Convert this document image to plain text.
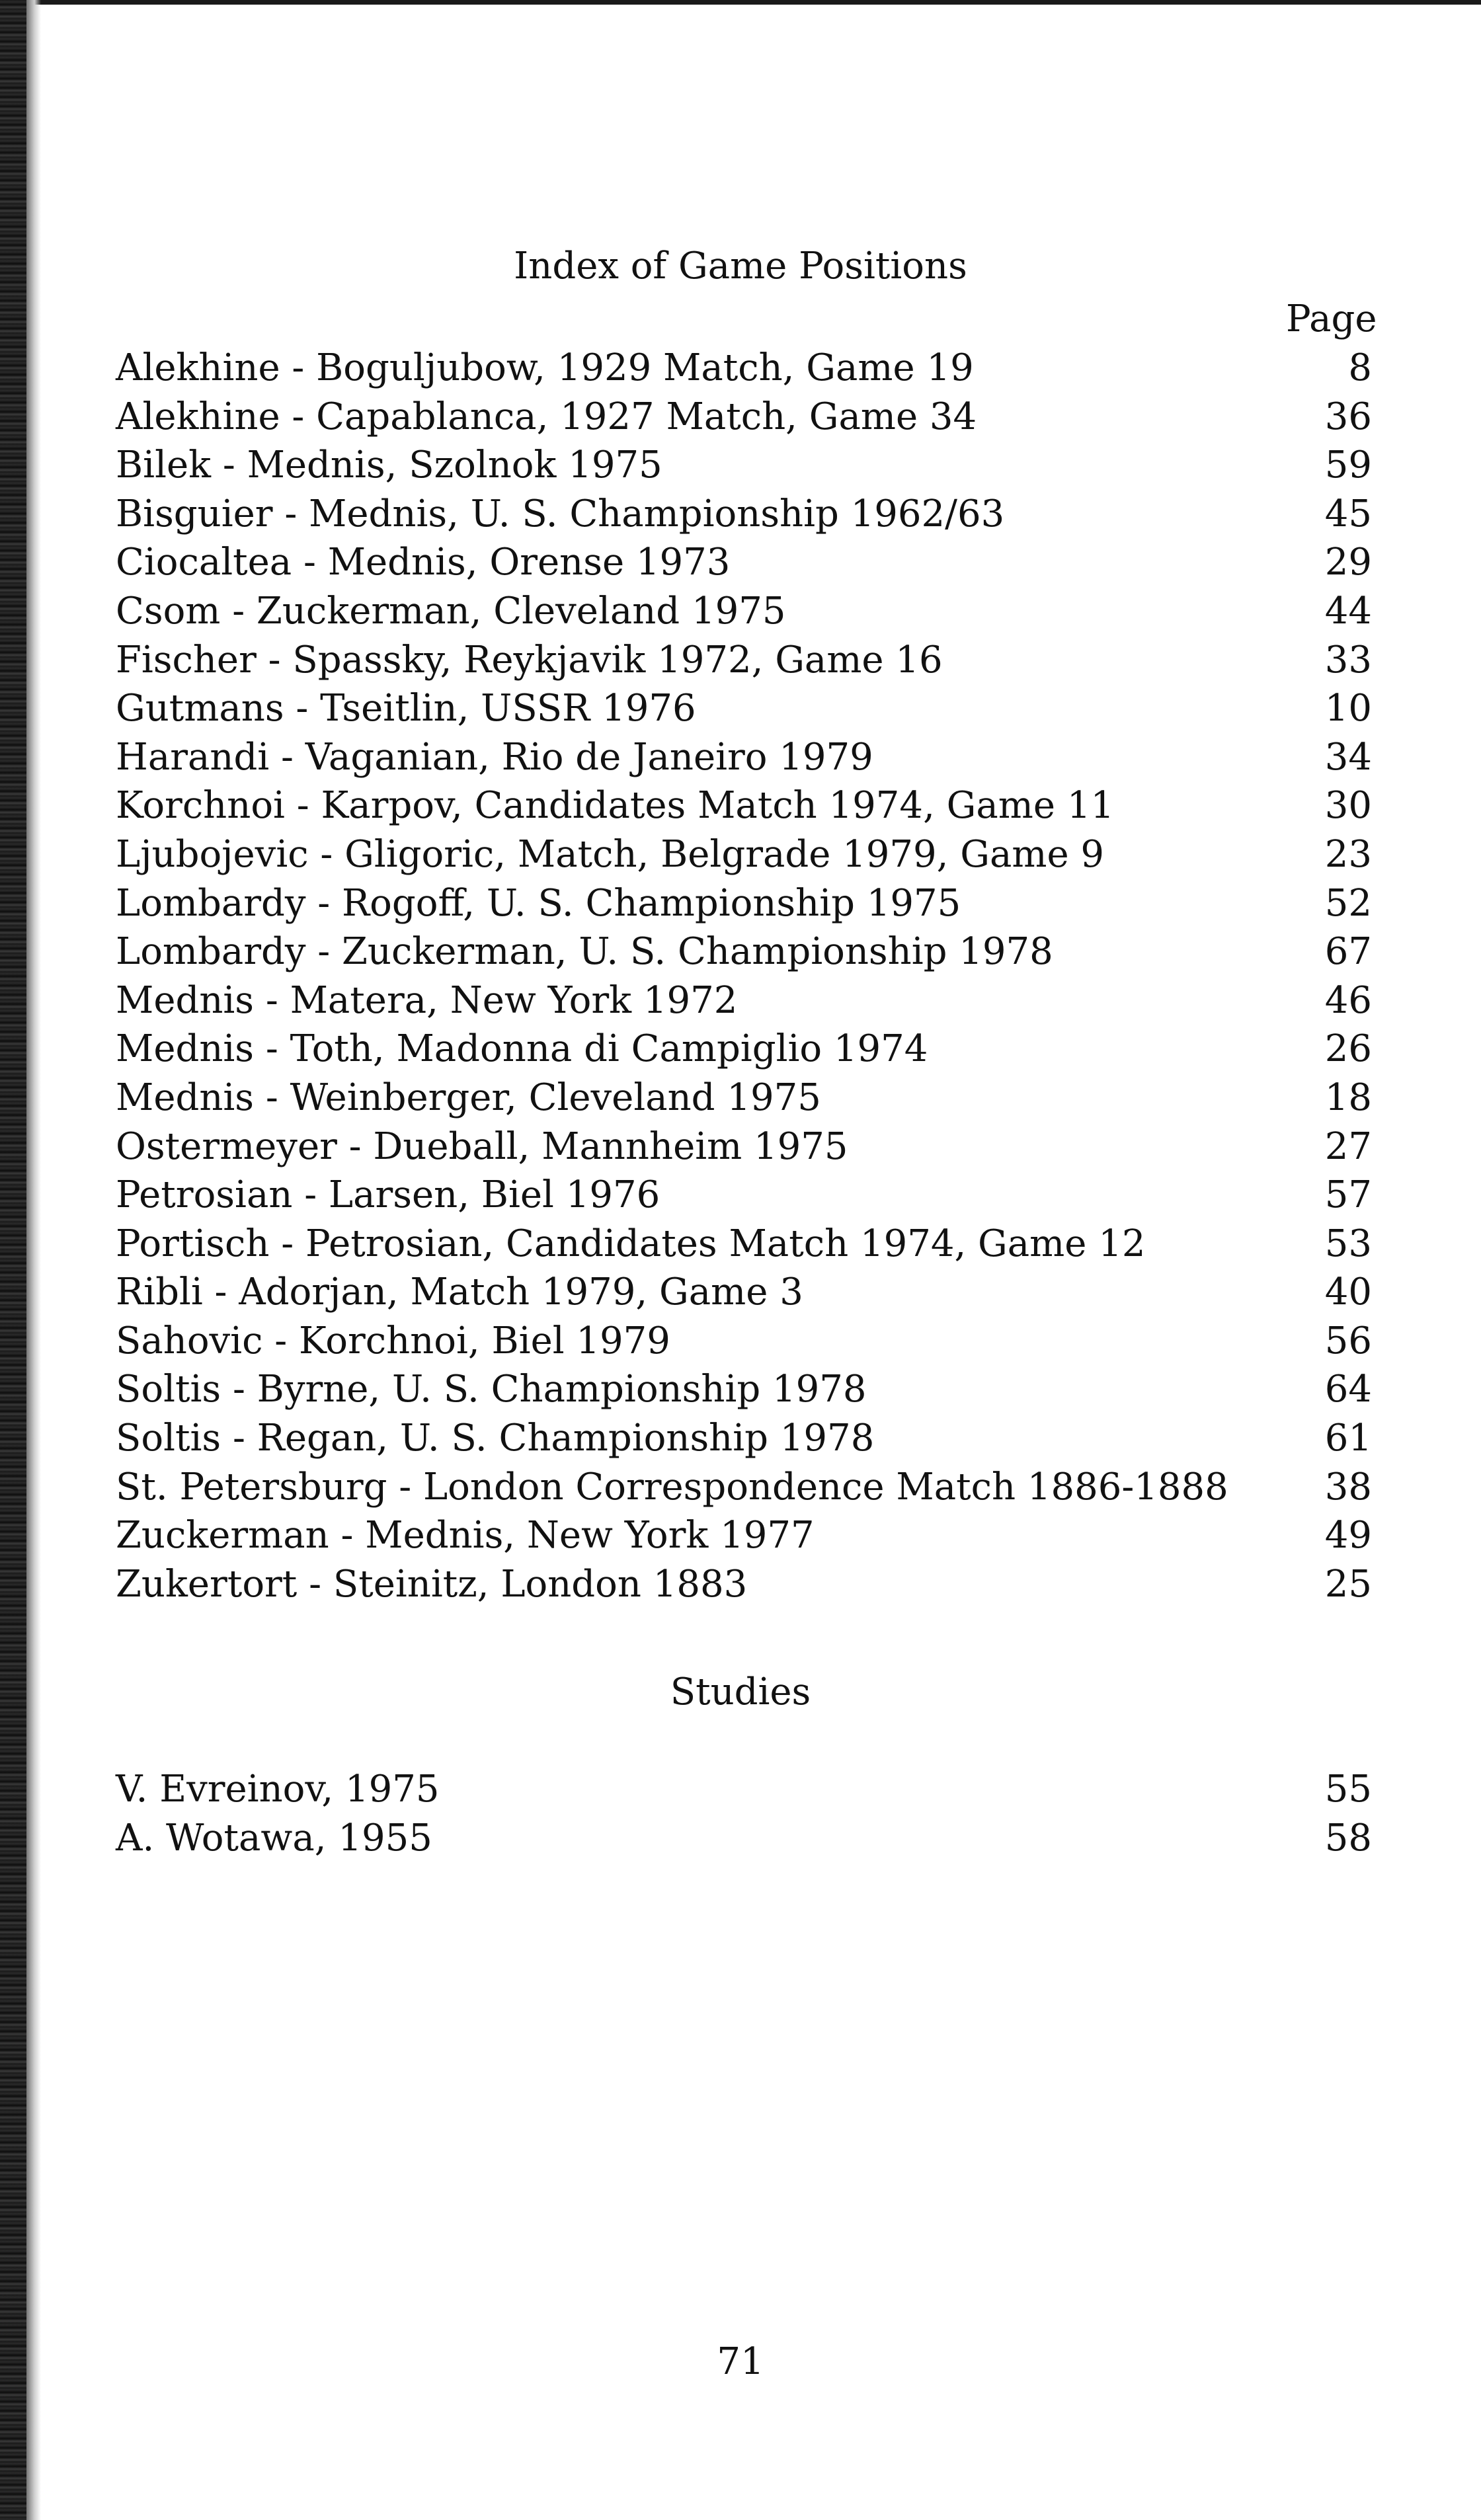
Index of Game Positions
Page
Alekhine - Boguljubow, 1929 Match, Game 19	8
Alekhine - Capablanca, 1927 Match, Game 34	36
Bilek - Mednis, Szolnok 1975	59
Bisguier - Mednis, U. S. Championship 1962/63	45
Ciocaltea - Mednis, Orense 1973	29
Csom - Zuckerman, Cleveland 1975	44
Fischer - Spassky, Reykjavik 1972, Game 16	33
Gutmans - Tseitlin, USSR 1976	10
Harandi - Vaganian, Rio de Janeiro 1979	34
Korchnoi - Karpov, Candidates Match 1974, Game 11	30
Ljubojevic - Gligoric, Match, Belgrade 1979, Game 9	23
Lombardy - Rogoff, U. S. Championship 1975	52
Lombardy - Zuckerman, U. S. Championship 1978	67
Mednis - Matera, New York 1972	46
Mednis - Toth, Madonna di Campiglio 1974	26
Mednis - Weinberger, Cleveland 1975	18
Ostermeyer - Dueball, Mannheim 1975	27
Petrosian - Larsen, Biel 1976	57
Portisch - Petrosian, Candidates Match 1974, Game 12	53
Ribli - Adorjan, Match 1979, Game 3	40
Sahovic - Korchnoi, Biel 1979	56
Soltis - Byrne, U. S. Championship 1978	64
Soltis - Regan, U. S. Championship 1978	61
St. Petersburg - London Correspondence Match 1886-1888	38
Zuckerman - Mednis, New York 1977	49
Zukertort - Steinitz, London 1883	25
Studies
V. Evreinov, 1975	55
A. Wotawa, 1955	58
71
